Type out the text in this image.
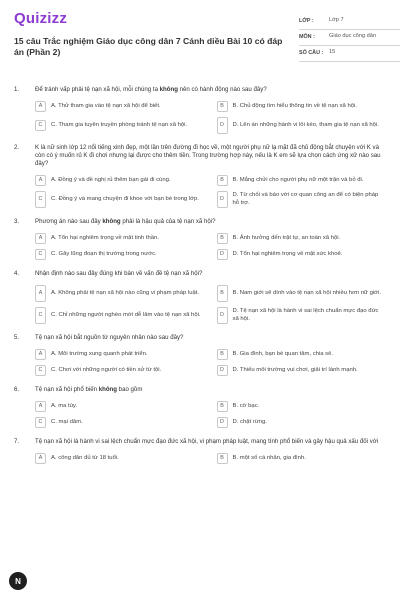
Quizizz
15 câu Trắc nghiệm Giáo dục công dân 7 Cánh diều Bài 10 có đáp án (Phần 2)
LỚP :	Lớp 7
MÔN :	Giáo dục công dân
SỐ CÂU :	15
1.	Để tránh vấp phải tệ nạn xã hội, mỗi chúng ta không nên có hành động nào sau đây?
A	A. Thử tham gia vào tệ nạn xã hội để biết.	B	B. Chủ động tìm hiểu thông tin về tệ nạn xã hội.
C	C. Tham gia tuyên truyền phòng tránh tệ nạn xã hội.	D	D. Lên án những hành vi lôi kéo, tham gia tệ nạn xã hội.
2.	K là nữ sinh lớp 12 nổi tiếng xinh đẹp, một lần trên đường đi học về, một người phụ nữ lạ mặt đã chủ động bắt chuyện với K và còn có ý muốn rủ K đi chơi nhưng lại được cho thêm tiền. Trong trường hợp này, nếu là K em sẽ lựa chọn cách ứng xử nào sau đây?
A	A. Đồng ý và đề nghị rủ thêm bạn gái đi cùng.	B	B. Mắng chửi cho người phụ nữ một trận và bỏ đi.
C	C. Đồng ý và mang chuyện đi khoe với bạn bè trong lớp.	D
D. Từ chối và báo với cơ quan công an để có biện pháp hỗ trợ.
3.	Phương án nào sau đây không phải là hậu quả của tệ nạn xã hội?
A	A. Tổn hại nghiêm trọng về mặt tinh thần.	B	B. Ảnh hưởng đến trật tự, an toàn xã hội.
C	C. Gây lũng đoạn thị trường trong nước.	D	D. Tổn hại nghiêm trọng về mặt sức khoẻ.
4.	Nhận định nào sau đây đúng khi bàn về vấn đề tệ nạn xã hội?
A	A. Không phải tệ nạn xã hội nào cũng vi phạm pháp luật.	B	B. Nam giới sẽ dính vào tệ nạn xã hội nhiều hơn nữ giới.
C	C. Chỉ những người nghèo mới dễ lâm vào tệ nạn xã hội.	D
D. Tệ nạn xã hội là hành vi sai lệch chuẩn mực đạo đức xã hội.
5.	Tệ nạn xã hội bắt nguồn từ nguyên nhân nào sau đây?
A	A. Môi trường xung quanh phát triển.	B	B. Gia đình, bạn bè quan tâm, chia sẻ.
C	C. Chơi với những người có tiền sử từ tội.	D	D. Thiếu môi trường vui chơi, giải trí lành mạnh.
6.	Tệ nạn xã hội phổ biến không bao gồm
A	A. ma túy.	B	B. cờ bạc.
C	C. mại dâm.	D	D. chặt rừng.
7.	Tệ nạn xã hội là hành vi sai lệch chuẩn mực đạo đức xã hội, vi phạm pháp luật, mang tính phổ biến và gây hậu quả xấu đối với
A	A. công dân đủ từ 18 tuổi.	B	B. một số cá nhân, gia đình.
N
